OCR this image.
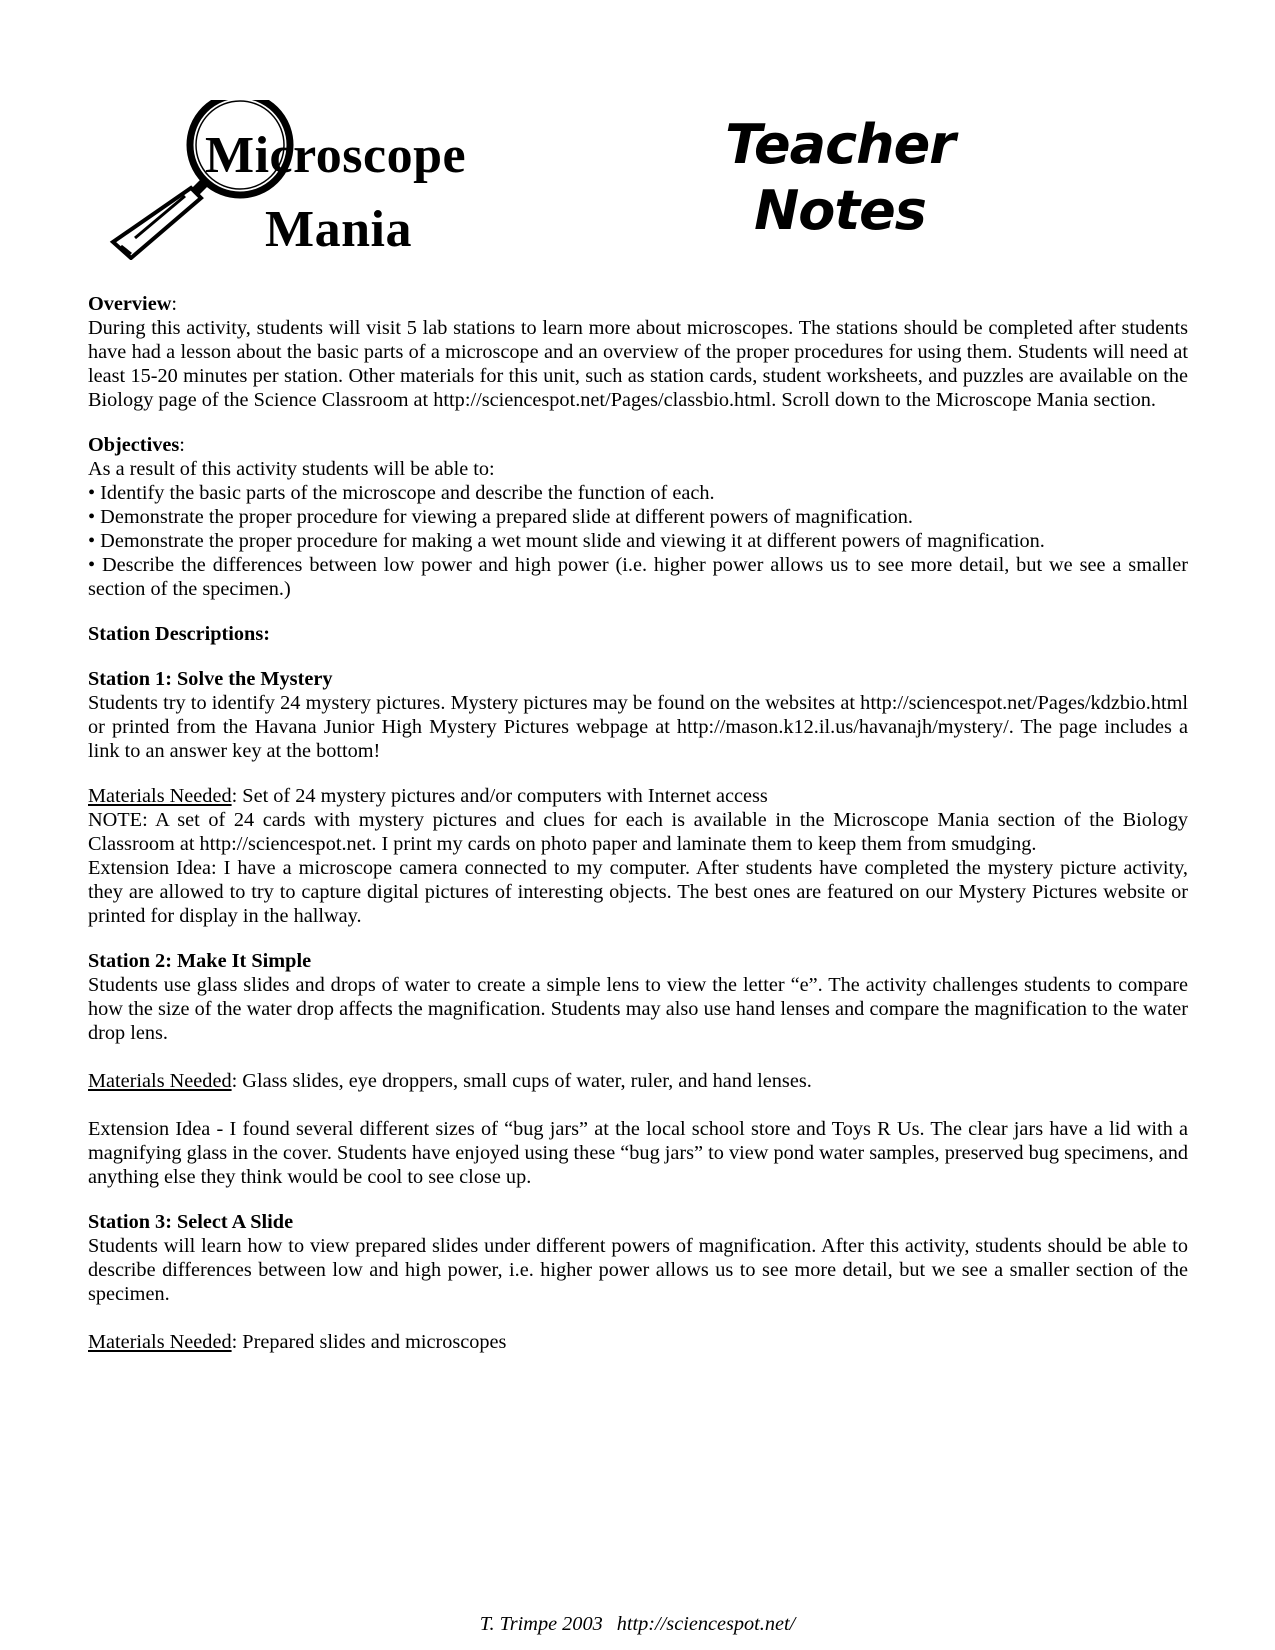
Microscope
Mania
Teacher
Notes

Overview:

During this activity, students will visit 5 lab stations to learn more about microscopes. The stations should be completed after students have had a lesson about the basic parts of a microscope and an overview of the proper procedures for using them. Students will need at least 15-20 minutes per station. Other materials for this unit, such as station cards, student worksheets, and puzzles are available on the Biology page of the Science Classroom at http://sciencespot.net/Pages/classbio.html. Scroll down to the Microscope Mania section.

Objectives:

As a result of this activity students will be able to:

• Identify the basic parts of the microscope and describe the function of each.

• Demonstrate the proper procedure for viewing a prepared slide at different powers of magnification.

• Demonstrate the proper procedure for making a wet mount slide and viewing it at different powers of magnification.

• Describe the differences between low power and high power (i.e. higher power allows us to see more detail, but we see a smaller section of the specimen.)

Station Descriptions:

Station 1: Solve the Mystery

Students try to identify 24 mystery pictures. Mystery pictures may be found on the websites at http://sciencespot.net/Pages/kdzbio.html or printed from the Havana Junior High Mystery Pictures webpage at http://mason.k12.il.us/havanajh/mystery/. The page includes a link to an answer key at the bottom!

Materials Needed: Set of 24 mystery pictures and/or computers with Internet access

NOTE: A set of 24 cards with mystery pictures and clues for each is available in the Microscope Mania section of the Biology Classroom at http://sciencespot.net. I print my cards on photo paper and laminate them to keep them from smudging.

Extension Idea: I have a microscope camera connected to my computer. After students have completed the mystery picture activity, they are allowed to try to capture digital pictures of interesting objects. The best ones are featured on our Mystery Pictures website or printed for display in the hallway.

Station 2: Make It Simple

Students use glass slides and drops of water to create a simple lens to view the letter “e”. The activity challenges students to compare how the size of the water drop affects the magnification. Students may also use hand lenses and compare the magnification to the water drop lens.

Materials Needed: Glass slides, eye droppers, small cups of water, ruler, and hand lenses.

Extension Idea - I found several different sizes of “bug jars” at the local school store and Toys R Us. The clear jars have a lid with a magnifying glass in the cover. Students have enjoyed using these “bug jars” to view pond water samples, preserved bug specimens, and anything else they think would be cool to see close up.

Station 3: Select A Slide

Students will learn how to view prepared slides under different powers of magnification. After this activity, students should be able to describe differences between low and high power, i.e. higher power allows us to see more detail, but we see a smaller section of the specimen.

Materials Needed: Prepared slides and microscopes

T. Trimpe 2003 http://sciencespot.net/
